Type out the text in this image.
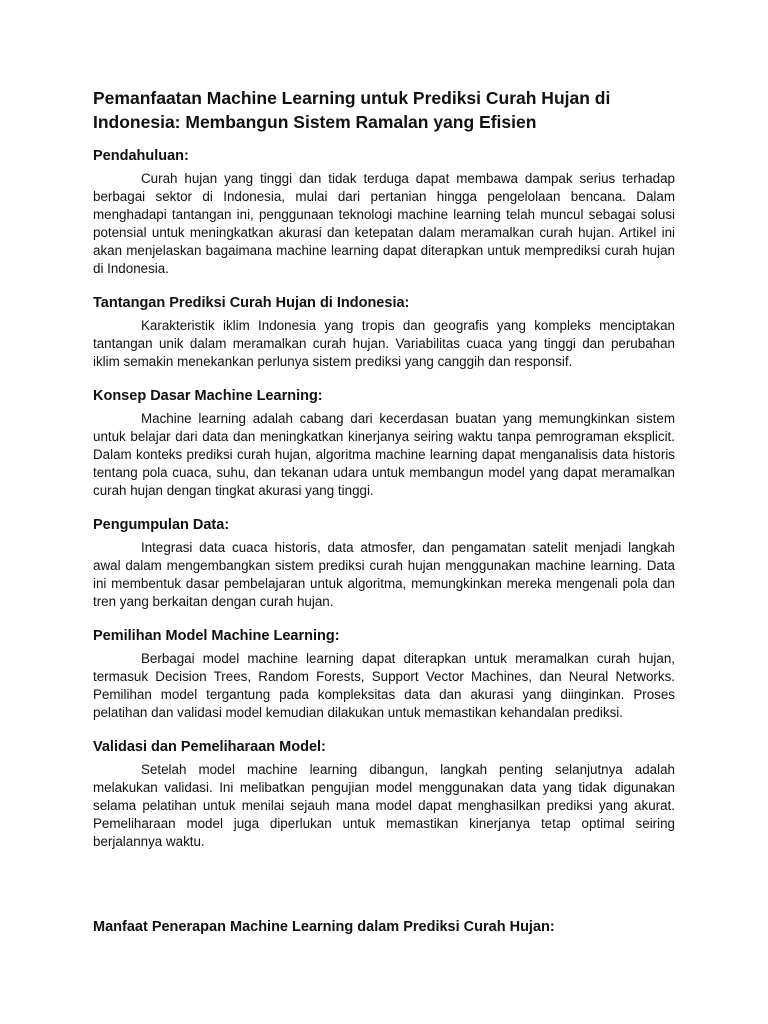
Pemanfaatan Machine Learning untuk Prediksi Curah Hujan di Indonesia: Membangun Sistem Ramalan yang Efisien
Pendahuluan:

Curah hujan yang tinggi dan tidak terduga dapat membawa dampak serius terhadap berbagai sektor di Indonesia, mulai dari pertanian hingga pengelolaan bencana. Dalam menghadapi tantangan ini, penggunaan teknologi machine learning telah muncul sebagai solusi potensial untuk meningkatkan akurasi dan ketepatan dalam meramalkan curah hujan. Artikel ini akan menjelaskan bagaimana machine learning dapat diterapkan untuk memprediksi curah hujan di Indonesia.

Tantangan Prediksi Curah Hujan di Indonesia:

Karakteristik iklim Indonesia yang tropis dan geografis yang kompleks menciptakan tantangan unik dalam meramalkan curah hujan. Variabilitas cuaca yang tinggi dan perubahan iklim semakin menekankan perlunya sistem prediksi yang canggih dan responsif.

Konsep Dasar Machine Learning:

Machine learning adalah cabang dari kecerdasan buatan yang memungkinkan sistem untuk belajar dari data dan meningkatkan kinerjanya seiring waktu tanpa pemrograman eksplicit. Dalam konteks prediksi curah hujan, algoritma machine learning dapat menganalisis data historis tentang pola cuaca, suhu, dan tekanan udara untuk membangun model yang dapat meramalkan curah hujan dengan tingkat akurasi yang tinggi.

Pengumpulan Data:

Integrasi data cuaca historis, data atmosfer, dan pengamatan satelit menjadi langkah awal dalam mengembangkan sistem prediksi curah hujan menggunakan machine learning. Data ini membentuk dasar pembelajaran untuk algoritma, memungkinkan mereka mengenali pola dan tren yang berkaitan dengan curah hujan.

Pemilihan Model Machine Learning:

Berbagai model machine learning dapat diterapkan untuk meramalkan curah hujan, termasuk Decision Trees, Random Forests, Support Vector Machines, dan Neural Networks. Pemilihan model tergantung pada kompleksitas data dan akurasi yang diinginkan. Proses pelatihan dan validasi model kemudian dilakukan untuk memastikan kehandalan prediksi.

Validasi dan Pemeliharaan Model:

Setelah model machine learning dibangun, langkah penting selanjutnya adalah melakukan validasi. Ini melibatkan pengujian model menggunakan data yang tidak digunakan selama pelatihan untuk menilai sejauh mana model dapat menghasilkan prediksi yang akurat. Pemeliharaan model juga diperlukan untuk memastikan kinerjanya tetap optimal seiring berjalannya waktu.

Manfaat Penerapan Machine Learning dalam Prediksi Curah Hujan:
